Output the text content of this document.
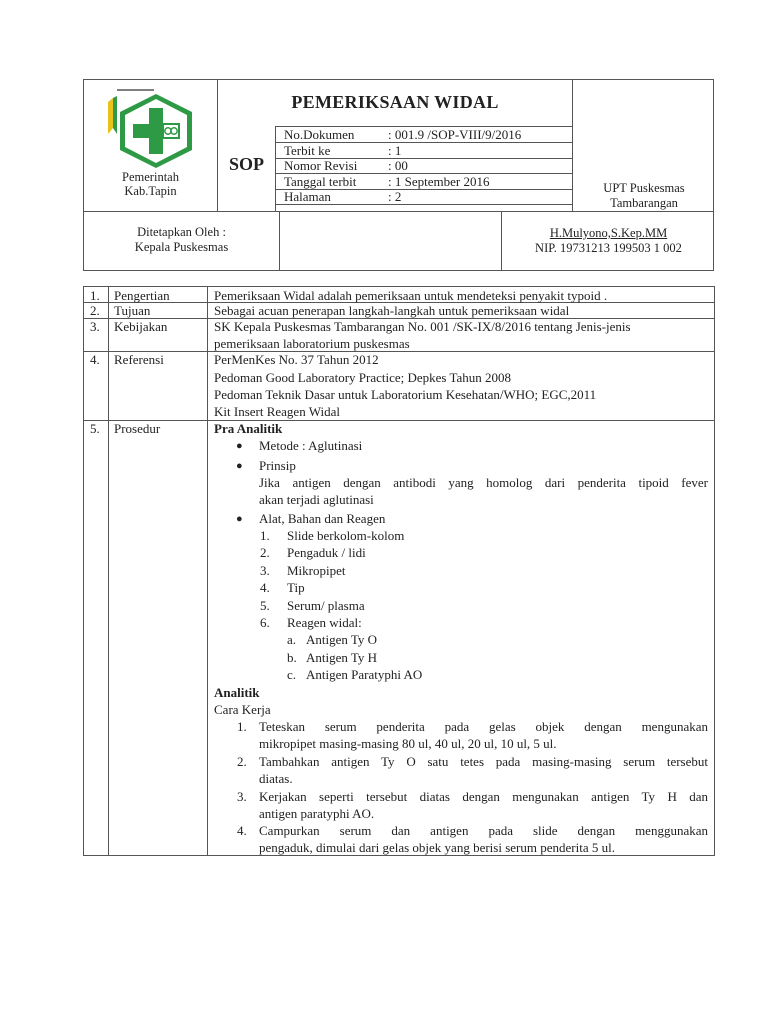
Pemerintah
Kab.Tapin
PEMERIKSAAN WIDAL
SOP
No.Dokumen	: 001.9 /SOP-VIII/9/2016
Terbit ke	: 1
Nomor Revisi : 00
Tanggal terbit : 1 September 2016
Halaman	: 2
UPT Puskesmas
Tambarangan
Ditetapkan Oleh :
Kepala Puskesmas
H.Mulyono,S.Kep.MM
NIP. 19731213 199503 1 002
1. Pengertian	Pemeriksaan Widal adalah pemeriksaan untuk mendeteksi penyakit typoid .
2. Tujuan	Sebagai acuan penerapan langkah-langkah untuk pemeriksaan widal
3. Kebijakan	SK Kepala Puskesmas Tambarangan No. 001 /SK-IX/8/2016 tentang Jenis-jenis
pemeriksaan laboratorium puskesmas
4. Referensi	PerMenKes No. 37 Tahun 2012
Pedoman Good Laboratory Practice; Depkes Tahun 2008
Pedoman Teknik Dasar untuk Laboratorium Kesehatan/WHO; EGC,2011
Kit Insert Reagen Widal
5. Prosedur	Pra Analitik
● Metode : Aglutinasi
● Prinsip
Jika antigen dengan antibodi yang homolog dari penderita tipoid fever
akan terjadi aglutinasi
● Alat, Bahan dan Reagen
1. Slide berkolom-kolom
2. Pengaduk / lidi
3. Mikropipet
4. Tip
5. Serum/ plasma
6. Reagen widal:
a. Antigen Ty O
b. Antigen Ty H
c. Antigen Paratyphi AO
Analitik
Cara Kerja
1. Teteskan serum penderita pada gelas objek dengan mengunakan
mikropipet masing-masing 80 ul, 40 ul, 20 ul, 10 ul, 5 ul.
2. Tambahkan antigen Ty O satu tetes pada masing-masing serum tersebut
diatas.
3. Kerjakan seperti tersebut diatas dengan mengunakan antigen Ty H dan
antigen paratyphi AO.
4. Campurkan serum dan antigen pada slide dengan menggunakan
pengaduk, dimulai dari gelas objek yang berisi serum penderita 5 ul.
